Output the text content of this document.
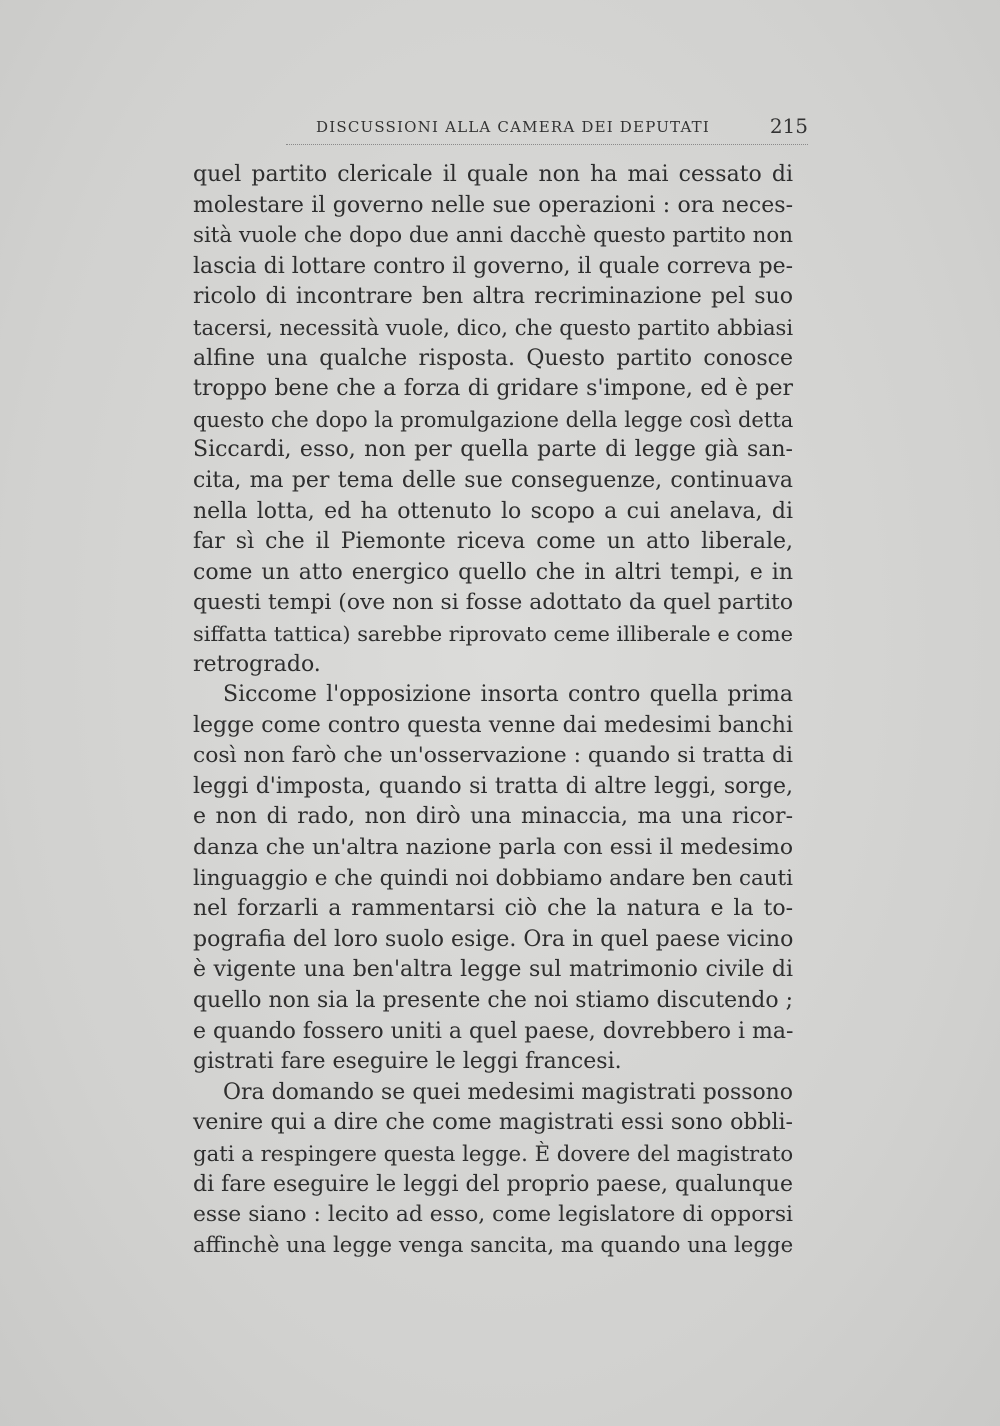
DISCUSSIONI ALLA CAMERA DEI DEPUTATI	215
quel partito clericale il quale non ha mai cessato di
molestare il governo nelle sue operazioni : ora neces-
sità vuole che dopo due anni dacchè questo partito non
lascia di lottare contro il governo, il quale correva pe-
ricolo di incontrare ben altra recriminazione pel suo
tacersi, necessità vuole, dico, che questo partito abbiasi
alfine una qualche risposta. Questo partito conosce
troppo bene che a forza di gridare s'impone, ed è per
questo che dopo la promulgazione della legge così detta
Siccardi, esso, non per quella parte di legge già san-
cita, ma per tema delle sue conseguenze, continuava
nella lotta, ed ha ottenuto lo scopo a cui anelava, di
far sì che il Piemonte riceva come un atto liberale,
come un atto energico quello che in altri tempi, e in
questi tempi (ove non si fosse adottato da quel partito
siffatta tattica) sarebbe riprovato ceme illiberale e come
retrogrado.
Siccome l'opposizione insorta contro quella prima
legge come contro questa venne dai medesimi banchi
così non farò che un'osservazione : quando si tratta di
leggi d'imposta, quando si tratta di altre leggi, sorge,
e non di rado, non dirò una minaccia, ma una ricor-
danza che un'altra nazione parla con essi il medesimo
linguaggio e che quindi noi dobbiamo andare ben cauti
nel forzarli a rammentarsi ciò che la natura e la to-
pografia del loro suolo esige. Ora in quel paese vicino
è vigente una ben'altra legge sul matrimonio civile di
quello non sia la presente che noi stiamo discutendo ;
e quando fossero uniti a quel paese, dovrebbero i ma-
gistrati fare eseguire le leggi francesi.
Ora domando se quei medesimi magistrati possono
venire qui a dire che come magistrati essi sono obbli-
gati a respingere questa legge. È dovere del magistrato
di fare eseguire le leggi del proprio paese, qualunque
esse siano : lecito ad esso, come legislatore di opporsi
affinchè una legge venga sancita, ma quando una legge
